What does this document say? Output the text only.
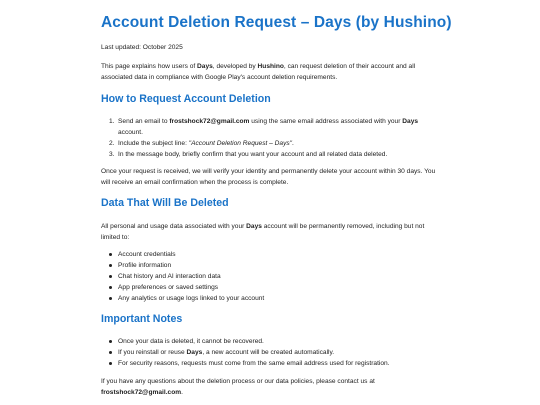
Account Deletion Request – Days (by Hushino)
Last updated: October 2025

This page explains how users of Days, developed by Hushino, can request deletion of their account and all associated data in compliance with Google Play's account deletion requirements.

How to Request Account Deletion
1. Send an email to frostshock72@gmail.com using the same email address associated with your Days account.
2. Include the subject line: "Account Deletion Request – Days".
3. In the message body, briefly confirm that you want your account and all related data deleted.

Once your request is received, we will verify your identity and permanently delete your account within 30 days. You will receive an email confirmation when the process is complete.

Data That Will Be Deleted

All personal and usage data associated with your Days account will be permanently removed, including but not limited to:

Account credentials
Profile information
Chat history and AI interaction data
App preferences or saved settings
Any analytics or usage logs linked to your account
Important Notes
Once your data is deleted, it cannot be recovered.
If you reinstall or reuse Days, a new account will be created automatically.
For security reasons, requests must come from the same email address used for registration.

If you have any questions about the deletion process or our data policies, please contact us at
frostshock72@gmail.com.
